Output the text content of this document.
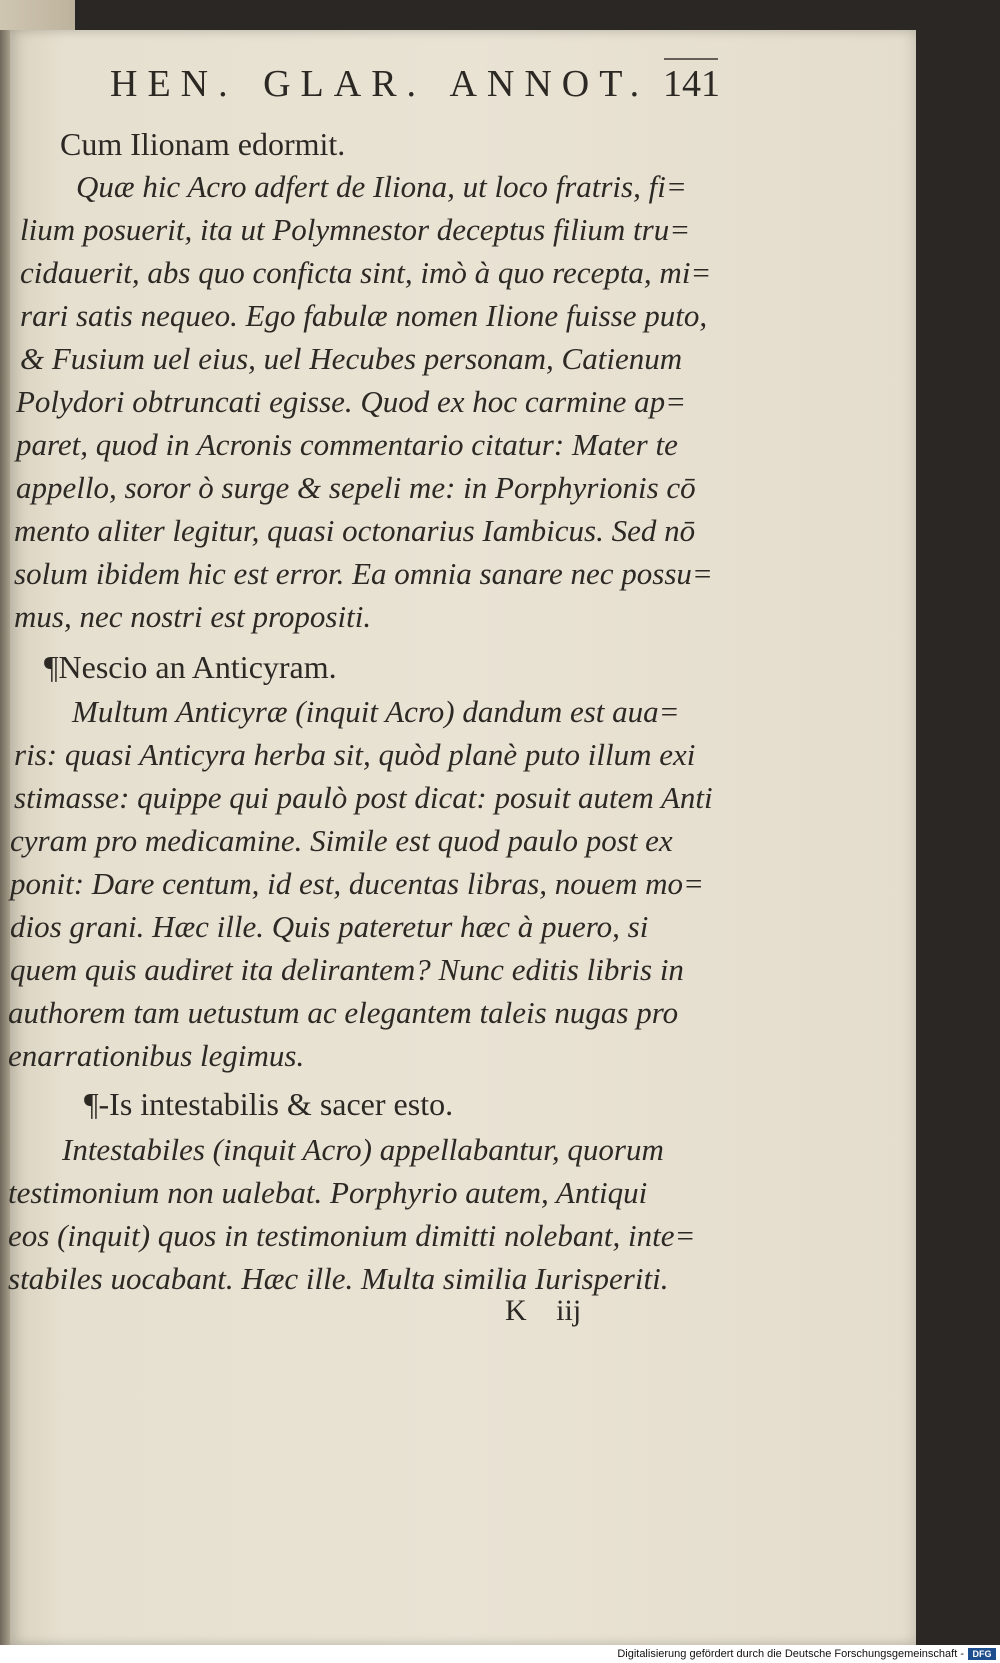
HEN. GLAR. ANNOT. 141
Cum Ilionam edormit.
Quæ hic Acro adfert de Iliona, ut loco fratris, fi=
lium posuerit, ita ut Polymnestor deceptus filium tru=
cidauerit, abs quo conficta sint, imò à quo recepta, mi=
rari satis nequeo. Ego fabulæ nomen Ilione fuisse puto,
& Fusium uel eius, uel Hecubes personam, Catienum
Polydori obtruncati egisse. Quod ex hoc carmine ap=
paret, quod in Acronis commentario citatur: Mater te
appello, soror ò surge & sepeli me: in Porphyrionis cō
mento aliter legitur, quasi octonarius Iambicus. Sed nō
solum ibidem hic est error. Ea omnia sanare nec possu=
mus, nec nostri est propositi.
¶Nescio an Anticyram.
Multum Anticyræ (inquit Acro) dandum est aua=
ris: quasi Anticyra herba sit, quòd planè puto illum exi
stimasse: quippe qui paulò post dicat: posuit autem Anti
cyram pro medicamine. Simile est quod paulo post ex
ponit: Dare centum, id est, ducentas libras, nouem mo=
dios grani. Hæc ille. Quis pateretur hæc à puero, si
quem quis audiret ita delirantem? Nunc editis libris in
authorem tam uetustum ac elegantem taleis nugas pro
enarrationibus legimus.
¶-Is intestabilis & sacer esto.
Intestabiles (inquit Acro) appellabantur, quorum
testimonium non ualebat. Porphyrio autem, Antiqui
eos (inquit) quos in testimonium dimitti nolebant, inte=
stabiles uocabant. Hæc ille. Multa similia Iurisperiti.
K iij
Digitalisierung gefördert durch die Deutsche Forschungsgemeinschaft - DFG
